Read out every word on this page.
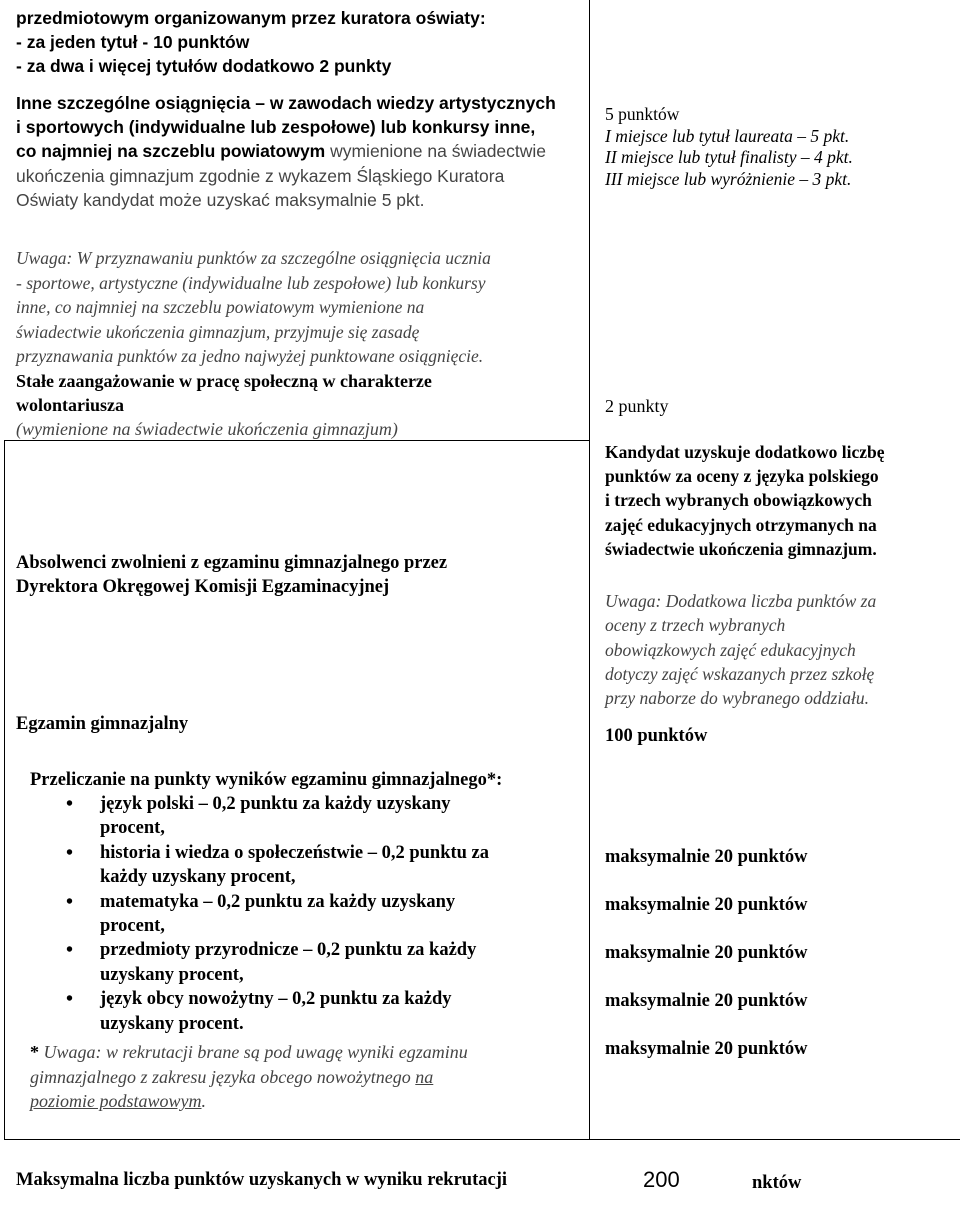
przedmiotowym organizowanym przez kuratora oświaty:
- za jeden tytuł - 10 punktów
- za dwa i więcej tytułów dodatkowo 2 punkty
Inne szczególne osiągnięcia – w zawodach wiedzy artystycznych
i sportowych (indywidualne lub zespołowe) lub konkursy inne,
co najmniej na szczeblu powiatowym wymienione na świadectwie
ukończenia gimnazjum zgodnie z wykazem Śląskiego Kuratora
Oświaty kandydat może uzyskać maksymalnie 5 pkt.
5 punktów
I miejsce lub tytuł laureata – 5 pkt.
II miejsce lub tytuł finalisty – 4 pkt.
III miejsce lub wyróżnienie – 3 pkt.
Uwaga: W przyznawaniu punktów za szczególne osiągnięcia ucznia
- sportowe, artystyczne (indywidualne lub zespołowe) lub konkursy
inne, co najmniej na szczeblu powiatowym wymienione na
świadectwie ukończenia gimnazjum, przyjmuje się zasadę
przyznawania punktów za jedno najwyżej punktowane osiągnięcie.
Stałe zaangażowanie w pracę społeczną w charakterze
wolontariusza
(wymienione na świadectwie ukończenia gimnazjum)
2 punkty
Absolwenci zwolnieni z egzaminu gimnazjalnego przez
Dyrektora Okręgowej Komisji Egzaminacyjnej
Kandydat uzyskuje dodatkowo liczbę
punktów za oceny z języka polskiego
i trzech wybranych obowiązkowych
zajęć edukacyjnych otrzymanych na
świadectwie ukończenia gimnazjum.
Uwaga: Dodatkowa liczba punktów za
oceny z trzech wybranych
obowiązkowych zajęć edukacyjnych
dotyczy zajęć wskazanych przez szkołę
przy naborze do wybranego oddziału.
Egzamin gimnazjalny
100 punktów
Przeliczanie na punkty wyników egzaminu gimnazjalnego*:
• język polski – 0,2 punktu za każdy uzyskany
procent,
• historia i wiedza o społeczeństwie – 0,2 punktu za
każdy uzyskany procent,
• matematyka – 0,2 punktu za każdy uzyskany
procent,
• przedmioty przyrodnicze – 0,2 punktu za każdy
uzyskany procent,
• język obcy nowożytny – 0,2 punktu za każdy
uzyskany procent.
maksymalnie 20 punktów
maksymalnie 20 punktów
maksymalnie 20 punktów
maksymalnie 20 punktów
maksymalnie 20 punktów
* Uwaga: w rekrutacji brane są pod uwagę wyniki egzaminu
gimnazjalnego z zakresu języka obcego nowożytnego na
poziomie podstawowym.
Maksymalna liczba punktów uzyskanych w wyniku rekrutacji	200	nktów
